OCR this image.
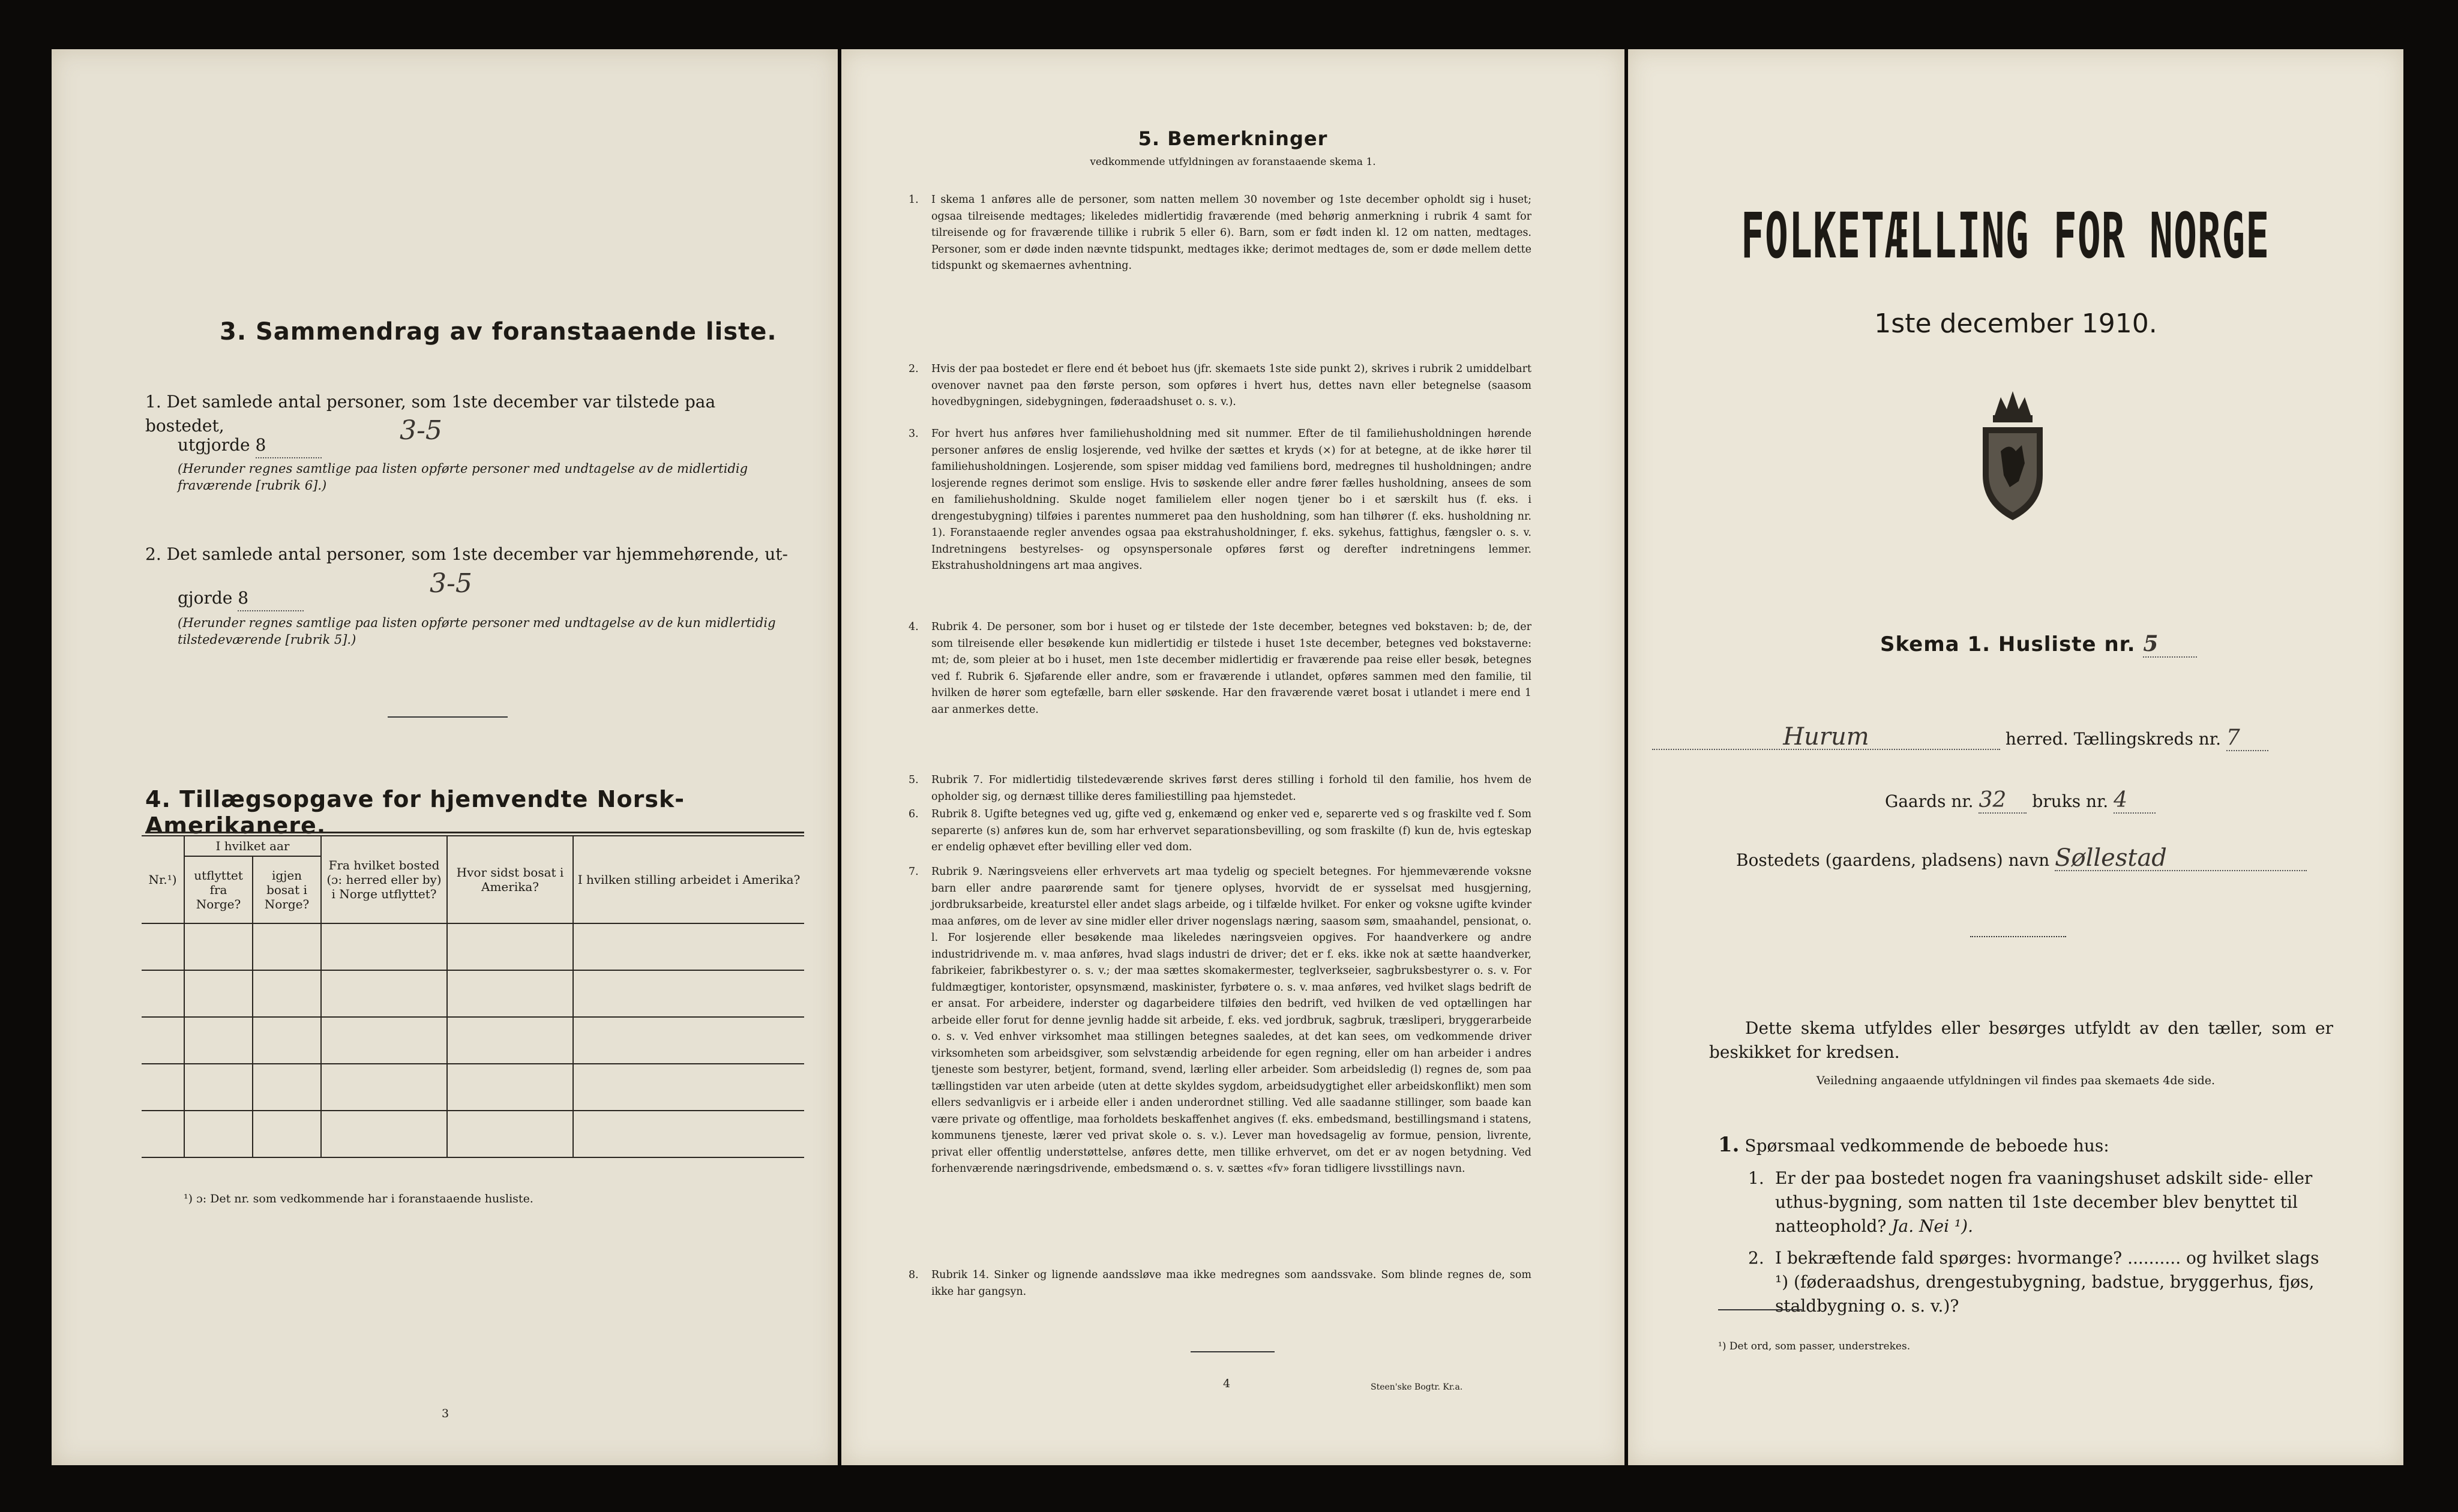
3. Sammendrag av foranstaaende liste.
1. Det samlede antal personer, som 1ste december var tilstede paa bostedet,
utgjorde 8	3-5
(Herunder regnes samtlige paa listen opførte personer med undtagelse av de midlertidig fraværende [rubrik 6].)
2. Det samlede antal personer, som 1ste december var hjemmehørende, ut-
gjorde 8	3-5
(Herunder regnes samtlige paa listen opførte personer med undtagelse av de kun midlertidig tilstedeværende [rubrik 5].)
4. Tillægsopgave for hjemvendte Norsk-Amerikanere.
Nr.¹)	I hvilket aar		Fra hvilket bosted (ɔ: herred eller by) i Norge utflyttet?	Hvor sidst bosat i Amerika?	I hvilken stilling arbeidet i Amerika?
	utflyttet fra Norge?	igjen bosat i Norge?			

¹) ɔ: Det nr. som vedkommende har i foranstaaende husliste.
3
5. Bemerkninger
vedkommende utfyldningen av foranstaaende skema 1.
1. I skema 1 anføres alle de personer, som natten mellem 30 november og 1ste december opholdt sig i huset; ogsaa tilreisende medtages; likeledes midlertidig fraværende (med behørig anmerkning i rubrik 4 samt for tilreisende og for fraværende tillike i rubrik 5 eller 6). Barn, som er født inden kl. 12 om natten, medtages. Personer, som er døde inden nævnte tidspunkt, medtages ikke; derimot medtages de, som er døde mellem dette tidspunkt og skemaernes avhentning.
2. Hvis der paa bostedet er flere end ét beboet hus (jfr. skemaets 1ste side punkt 2), skrives i rubrik 2 umiddelbart ovenover navnet paa den første person, som opføres i hvert hus, dettes navn eller betegnelse (saasom hovedbygningen, sidebygningen, føderaadshuset o. s. v.).
3. For hvert hus anføres hver familiehusholdning med sit nummer. Efter de til familiehusholdningen hørende personer anføres de enslig losjerende, ved hvilke der sættes et kryds (×) for at betegne, at de ikke hører til familiehusholdningen. Losjerende, som spiser middag ved familiens bord, medregnes til husholdningen; andre losjerende regnes derimot som enslige. Hvis to søskende eller andre fører fælles husholdning, ansees de som en familiehusholdning. Skulde noget familielem eller nogen tjener bo i et særskilt hus (f. eks. i drengestubygning) tilføies i parentes nummeret paa den husholdning, som han tilhører (f. eks. husholdning nr. 1). Foranstaaende regler anvendes ogsaa paa ekstrahusholdninger, f. eks. sykehus, fattighus, fængsler o. s. v. Indretningens bestyrelses- og opsynspersonale opføres først og derefter indretningens lemmer. Ekstrahusholdningens art maa angives.
4. Rubrik 4. De personer, som bor i huset og er tilstede der 1ste december, betegnes ved bokstaven: b; de, der som tilreisende eller besøkende kun midlertidig er tilstede i huset 1ste december, betegnes ved bokstaverne: mt; de, som pleier at bo i huset, men 1ste december midlertidig er fraværende paa reise eller besøk, betegnes ved f. Rubrik 6. Sjøfarende eller andre, som er fraværende i utlandet, opføres sammen med den familie, til hvilken de hører som egtefælle, barn eller søskende. Har den fraværende været bosat i utlandet i mere end 1 aar anmerkes dette.
5. Rubrik 7. For midlertidig tilstedeværende skrives først deres stilling i forhold til den familie, hos hvem de opholder sig, og dernæst tillike deres familiestilling paa hjemstedet.
6. Rubrik 8. Ugifte betegnes ved ug, gifte ved g, enkemænd og enker ved e, separerte ved s og fraskilte ved f. Som separerte (s) anføres kun de, som har erhvervet separationsbevilling, og som fraskilte (f) kun de, hvis egteskap er endelig ophævet efter bevilling eller ved dom.
7. Rubrik 9. Næringsveiens eller erhvervets art maa tydelig og specielt betegnes. For hjemmeværende voksne barn eller andre paarørende samt for tjenere oplyses, hvorvidt de er sysselsat med husgjerning, jordbruksarbeide, kreaturstel eller andet slags arbeide, og i tilfælde hvilket. For enker og voksne ugifte kvinder maa anføres, om de lever av sine midler eller driver nogenslags næring, saasom søm, smaahandel, pensionat, o. l. For losjerende eller besøkende maa likeledes næringsveien opgives. For haandverkere og andre industridrivende m. v. maa anføres, hvad slags industri de driver; det er f. eks. ikke nok at sætte haandverker, fabrikeier, fabrikbestyrer o. s. v.; der maa sættes skomakermester, teglverkseier, sagbruksbestyrer o. s. v. For fuldmægtiger, kontorister, opsynsmænd, maskinister, fyrbøtere o. s. v. maa anføres, ved hvilket slags bedrift de er ansat. For arbeidere, inderster og dagarbeidere tilføies den bedrift, ved hvilken de ved optællingen har arbeide eller forut for denne jevnlig hadde sit arbeide, f. eks. ved jordbruk, sagbruk, træsliperi, bryggerarbeide o. s. v. Ved enhver virksomhet maa stillingen betegnes saaledes, at det kan sees, om vedkommende driver virksomheten som arbeidsgiver, som selvstændig arbeidende for egen regning, eller om han arbeider i andres tjeneste som bestyrer, betjent, formand, svend, lærling eller arbeider. Som arbeidsledig (l) regnes de, som paa tællingstiden var uten arbeide (uten at dette skyldes sygdom, arbeidsudygtighet eller arbeidskonflikt) men som ellers sedvanligvis er i arbeide eller i anden underordnet stilling. Ved alle saadanne stillinger, som baade kan være private og offentlige, maa forholdets beskaffenhet angives (f. eks. embedsmand, bestillingsmand i statens, kommunens tjeneste, lærer ved privat skole o. s. v.). Lever man hovedsagelig av formue, pension, livrente, privat eller offentlig understøttelse, anføres dette, men tillike erhvervet, om det er av nogen betydning. Ved forhenværende næringsdrivende, embedsmænd o. s. v. sættes «fv» foran tidligere livsstillings navn.
8. Rubrik 14. Sinker og lignende aandssløve maa ikke medregnes som aandssvake. Som blinde regnes de, som ikke har gangsyn.
4	Steen'ske Bogtr. Kr.a.
FOLKETÆLLING FOR NORGE
1ste december 1910.
Skema 1. Husliste nr. 5
Hurum	herred. Tællingskreds nr. 7
Gaards nr. 32 bruks nr. 4
Bostedets (gaardens, pladsens) navn Søllestad
Dette skema utfyldes eller besørges utfyldt av den tæller, som er beskikket for kredsen.
Veiledning angaaende utfyldningen vil findes paa skemaets 4de side.
1. Spørsmaal vedkommende de beboede hus:
1. Er der paa bostedet nogen fra vaaningshuset adskilt side- eller uthus-bygning, som natten til 1ste december blev benyttet til natteophold? Ja. Nei ¹).
2. I bekræftende fald spørges: hvormange? .......... og hvilket slags ¹) (føderaadshus, drengestubygning, badstue, bryggerhus, fjøs, staldbygning o. s. v.)?
¹) Det ord, som passer, understrekes.
